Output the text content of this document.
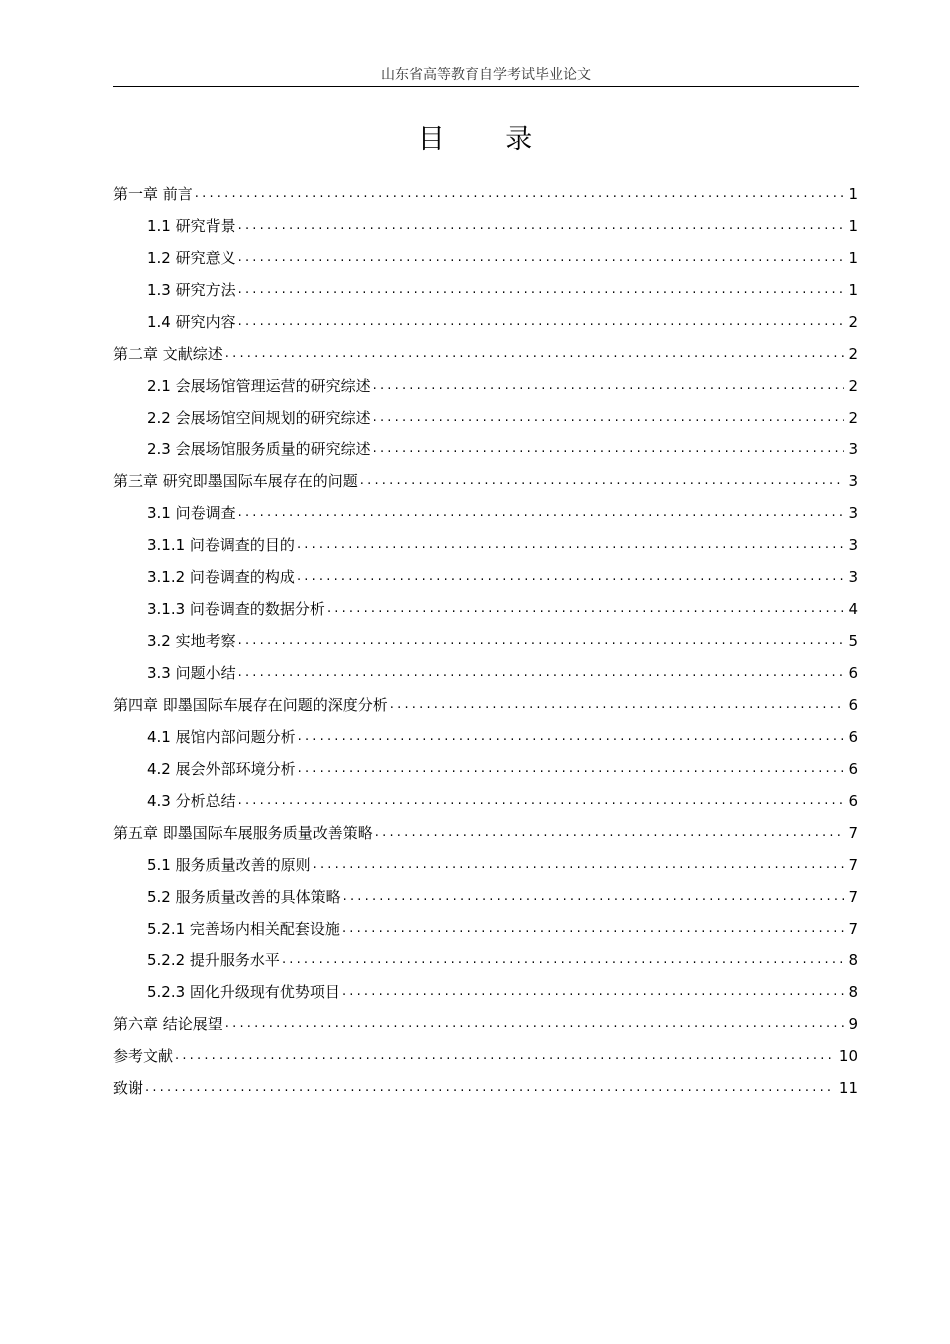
山东省高等教育自学考试毕业论文
目 录
第一章 前言 .....	1
1.1 研究背景 .....	1
1.2 研究意义 .....	1
1.3 研究方法 .....	1
1.4 研究内容 .....	2
第二章 文献综述 .....	2
2.1 会展场馆管理运营的研究综述 .....	2
2.2 会展场馆空间规划的研究综述 .....	2
2.3 会展场馆服务质量的研究综述 .....	3
第三章 研究即墨国际车展存在的问题 .....	3
3.1 问卷调查 .....	3
3.1.1 问卷调查的目的 .....	3
3.1.2 问卷调查的构成 .....	3
3.1.3 问卷调查的数据分析 .....	4
3.2 实地考察 .....	5
3.3 问题小结 .....	6
第四章 即墨国际车展存在问题的深度分析 .....	6
4.1 展馆内部问题分析 .....	6
4.2 展会外部环境分析 .....	6
4.3 分析总结 .....	6
第五章 即墨国际车展服务质量改善策略 .....	7
5.1 服务质量改善的原则 .....	7
5.2 服务质量改善的具体策略 .....	7
5.2.1 完善场内相关配套设施 .....	7
5.2.2 提升服务水平 .....	8
5.2.3 固化升级现有优势项目 .....	8
第六章 结论展望 .....	9
参考文献 .....	10
致谢 .....	11
